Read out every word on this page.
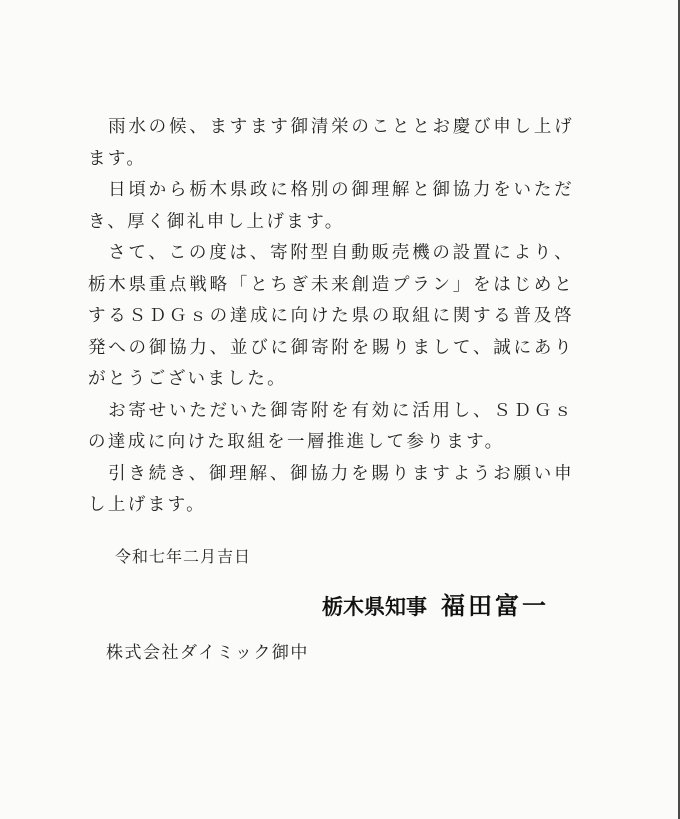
雨水の候、ますます御清栄のこととお慶び申し上げます。

日頃から栃木県政に格別の御理解と御協力をいただき、厚く御礼申し上げます。

さて、この度は、寄附型自動販売機の設置により、栃木県重点戦略「とちぎ未来創造プラン」をはじめとするＳＤＧｓの達成に向けた県の取組に関する普及啓発への御協力、並びに御寄附を賜りまして、誠にありがとうございました。

お寄せいただいた御寄附を有効に活用し、ＳＤＧｓの達成に向けた取組を一層推進して参ります。

引き続き、御理解、御協力を賜りますようお願い申し上げます。

令和七年二月吉日
栃木県知事 福田富一
株式会社ダイミック御中
